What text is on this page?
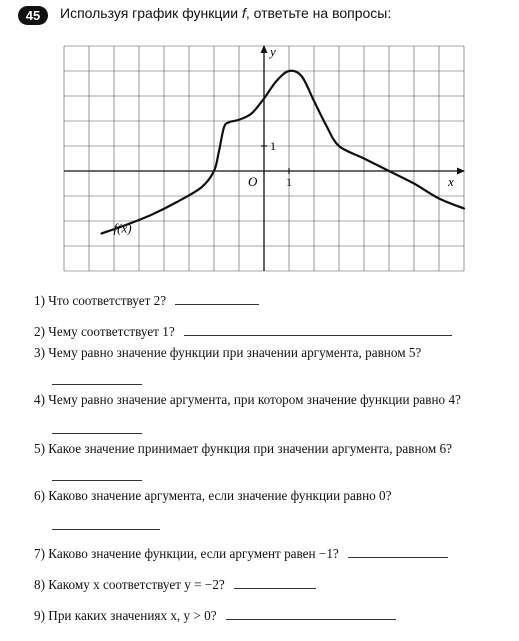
45	Используя график функции f, ответьте на вопросы:
x
y
O 1
1
f(x)
1) Что соответствует 2?
2) Чему соответствует 1?
3) Чему равно значение функции при значении аргумента, равном 5?
4) Чему равно значение аргумента, при котором значение функции равно 4?
5) Какое значение принимает функция при значении аргумента, равном 6?
6) Каково значение аргумента, если значение функции равно 0?
7) Каково значение функции, если аргумент равен −1?
8) Какому x соответствует y = −2?
9) При каких значениях x, y > 0?
